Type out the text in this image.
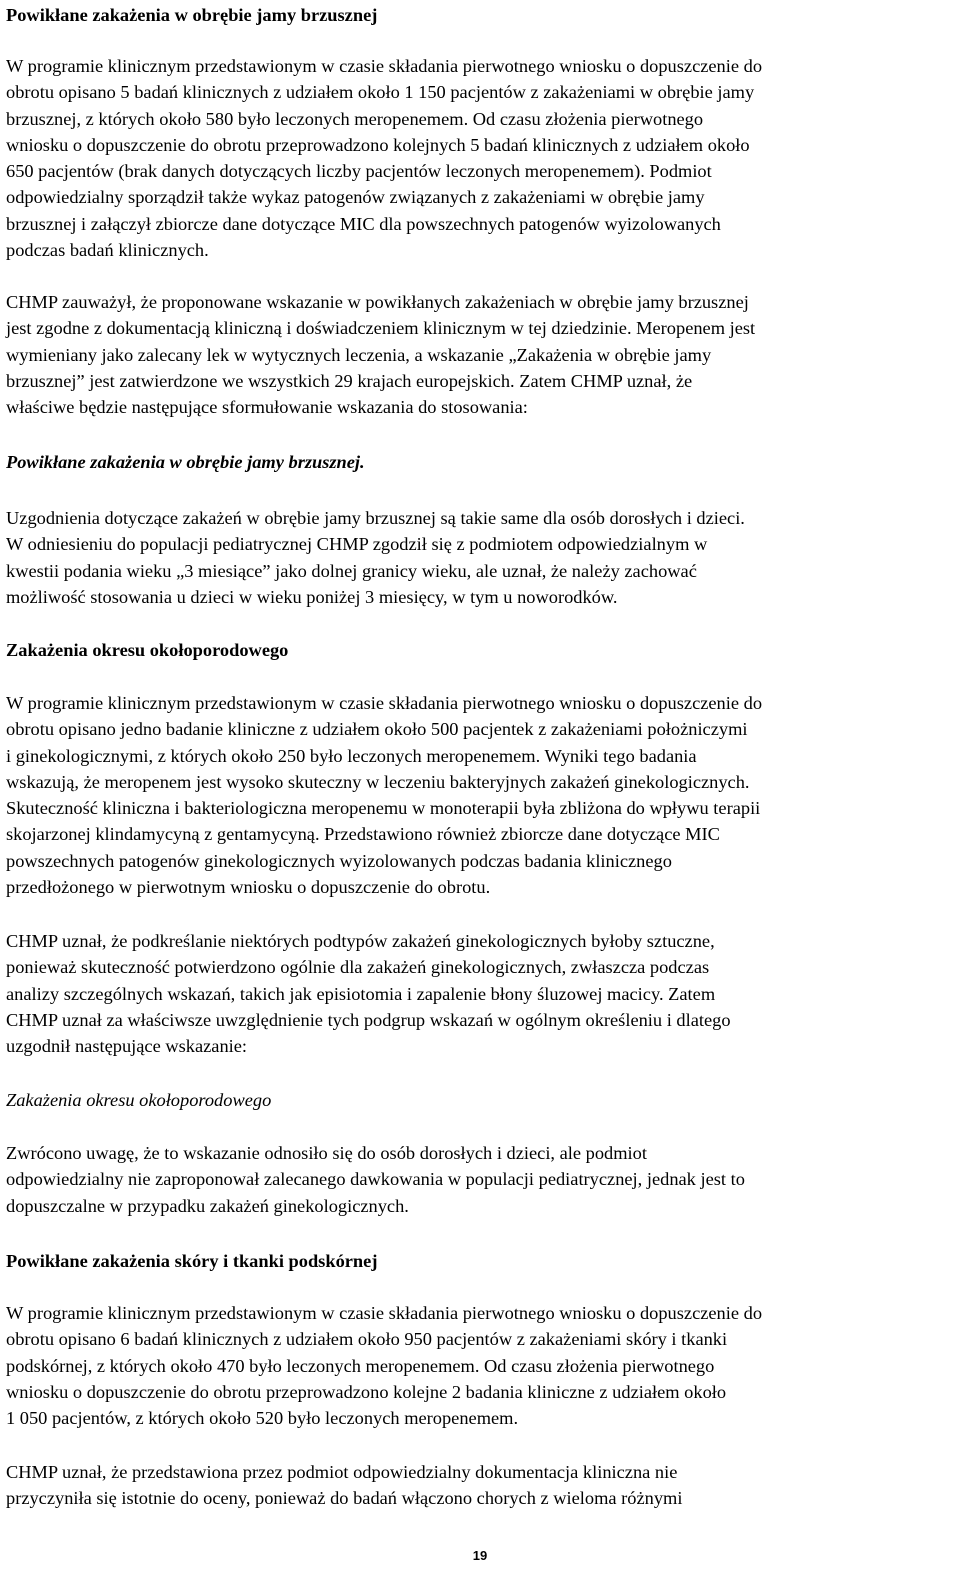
Powikłane zakażenia w obrębie jamy brzusznej

W programie klinicznym przedstawionym w czasie składania pierwotnego wniosku o dopuszczenie do
obrotu opisano 5 badań klinicznych z udziałem około 1 150 pacjentów z zakażeniami w obrębie jamy
brzusznej, z których około 580 było leczonych meropenemem. Od czasu złożenia pierwotnego
wniosku o dopuszczenie do obrotu przeprowadzono kolejnych 5 badań klinicznych z udziałem około
650 pacjentów (brak danych dotyczących liczby pacjentów leczonych meropenemem). Podmiot
odpowiedzialny sporządził także wykaz patogenów związanych z zakażeniami w obrębie jamy
brzusznej i załączył zbiorcze dane dotyczące MIC dla powszechnych patogenów wyizolowanych
podczas badań klinicznych.

CHMP zauważył, że proponowane wskazanie w powikłanych zakażeniach w obrębie jamy brzusznej
jest zgodne z dokumentacją kliniczną i doświadczeniem klinicznym w tej dziedzinie. Meropenem jest
wymieniany jako zalecany lek w wytycznych leczenia, a wskazanie „Zakażenia w obrębie jamy
brzusznej” jest zatwierdzone we wszystkich 29 krajach europejskich. Zatem CHMP uznał, że
właściwe będzie następujące sformułowanie wskazania do stosowania:

Powikłane zakażenia w obrębie jamy brzusznej.

Uzgodnienia dotyczące zakażeń w obrębie jamy brzusznej są takie same dla osób dorosłych i dzieci.
W odniesieniu do populacji pediatrycznej CHMP zgodził się z podmiotem odpowiedzialnym w
kwestii podania wieku „3 miesiące” jako dolnej granicy wieku, ale uznał, że należy zachować
możliwość stosowania u dzieci w wieku poniżej 3 miesięcy, w tym u noworodków.

Zakażenia okresu okołoporodowego

W programie klinicznym przedstawionym w czasie składania pierwotnego wniosku o dopuszczenie do
obrotu opisano jedno badanie kliniczne z udziałem około 500 pacjentek z zakażeniami położniczymi
i ginekologicznymi, z których około 250 było leczonych meropenemem. Wyniki tego badania
wskazują, że meropenem jest wysoko skuteczny w leczeniu bakteryjnych zakażeń ginekologicznych.
Skuteczność kliniczna i bakteriologiczna meropenemu w monoterapii była zbliżona do wpływu terapii
skojarzonej klindamycyną z gentamycyną. Przedstawiono również zbiorcze dane dotyczące MIC
powszechnych patogenów ginekologicznych wyizolowanych podczas badania klinicznego
przedłożonego w pierwotnym wniosku o dopuszczenie do obrotu.

CHMP uznał, że podkreślanie niektórych podtypów zakażeń ginekologicznych byłoby sztuczne,
ponieważ skuteczność potwierdzono ogólnie dla zakażeń ginekologicznych, zwłaszcza podczas
analizy szczególnych wskazań, takich jak episiotomia i zapalenie błony śluzowej macicy. Zatem
CHMP uznał za właściwsze uwzględnienie tych podgrup wskazań w ogólnym określeniu i dlatego
uzgodnił następujące wskazanie:

Zakażenia okresu okołoporodowego

Zwrócono uwagę, że to wskazanie odnosiło się do osób dorosłych i dzieci, ale podmiot
odpowiedzialny nie zaproponował zalecanego dawkowania w populacji pediatrycznej, jednak jest to
dopuszczalne w przypadku zakażeń ginekologicznych.

Powikłane zakażenia skóry i tkanki podskórnej

W programie klinicznym przedstawionym w czasie składania pierwotnego wniosku o dopuszczenie do
obrotu opisano 6 badań klinicznych z udziałem około 950 pacjentów z zakażeniami skóry i tkanki
podskórnej, z których około 470 było leczonych meropenemem. Od czasu złożenia pierwotnego
wniosku o dopuszczenie do obrotu przeprowadzono kolejne 2 badania kliniczne z udziałem około
1 050 pacjentów, z których około 520 było leczonych meropenemem.

CHMP uznał, że przedstawiona przez podmiot odpowiedzialny dokumentacja kliniczna nie
przyczyniła się istotnie do oceny, ponieważ do badań włączono chorych z wieloma różnymi

19
